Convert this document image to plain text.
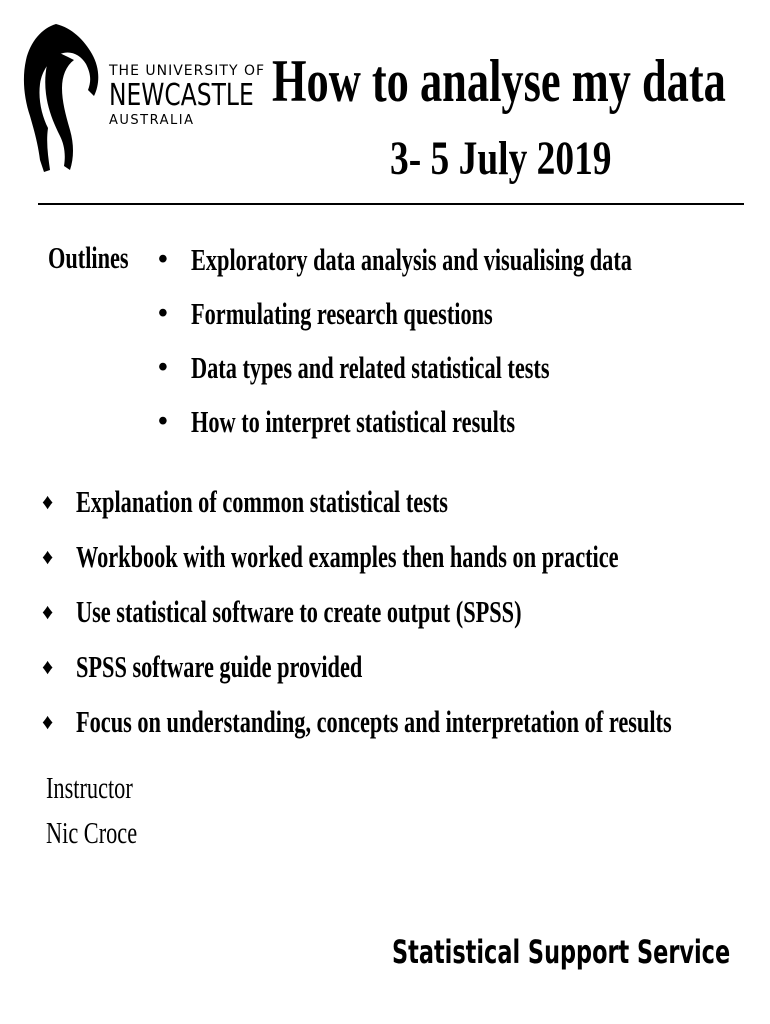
THE UNIVERSITY OF
NEWCASTLE
AUSTRALIA
How to analyse my data
3- 5 July 2019
Outlines • Exploratory data analysis and visualising data
• Formulating research questions
• Data types and related statistical tests
• How to interpret statistical results
♦ Explanation of common statistical tests
♦ Workbook with worked examples then hands on practice
♦ Use statistical software to create output (SPSS)
♦ SPSS software guide provided
♦ Focus on understanding, concepts and interpretation of results
Instructor
Nic Croce
Statistical Support Service
